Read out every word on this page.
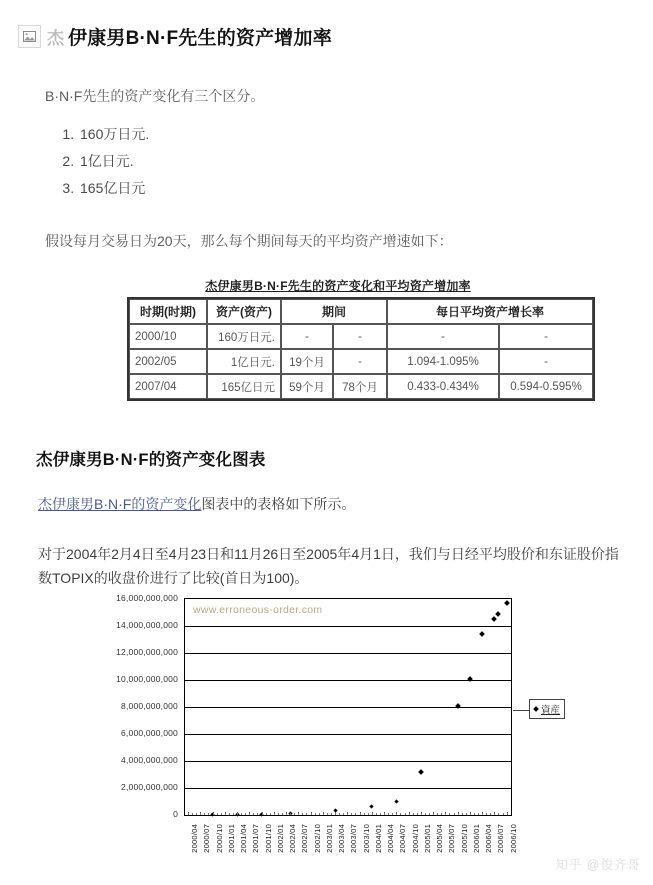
杰 伊康男B·N·F先生的资产增加率

B·N·F先生的资产变化有三个区分。

1. 160万日元.
2. 1亿日元.
3. 165亿日元

假设每月交易日为20天，那么每个期间每天的平均资产增速如下：

杰伊康男B·N·F先生的资产变化和平均资产增加率
时期(时期)	资产(资产)	期间		每日平均资产增长率	
2000/10	160万日元.	-	-	-	-
2002/05	1亿日元.	19个月	-	1.094-1.095%	-
2007/04	165亿日元	59个月	78个月	0.433-0.434%	0.594-0.595%
杰伊康男B·N·F的资产变化图表

杰伊康男B·N·F的资产变化图表中的表格如下所示。

对于2004年2月4日至4月23日和11月26日至2005年4月1日，我们与日经平均股价和东证股价指数TOPIX的收盘价进行了比较(首日为100)。

www.erroneous-order.com
16,000,000,000
14,000,000,000
12,000,000,000
10,000,000,000
8,000,000,000
6,000,000,000
4,000,000,000
2,000,000,000
0
2000/04 2000/07 2000/10 2001/01 2001/04 2001/07 2001/10 2002/01 2002/04 2002/07 2002/10 2003/01 2003/04 2003/07 2003/10 2004/01 2004/04 2004/07 2004/10 2005/01 2005/04 2005/07 2005/10 2006/01 2006/04 2006/07 2006/10
資産
知乎 @俊齐哥
